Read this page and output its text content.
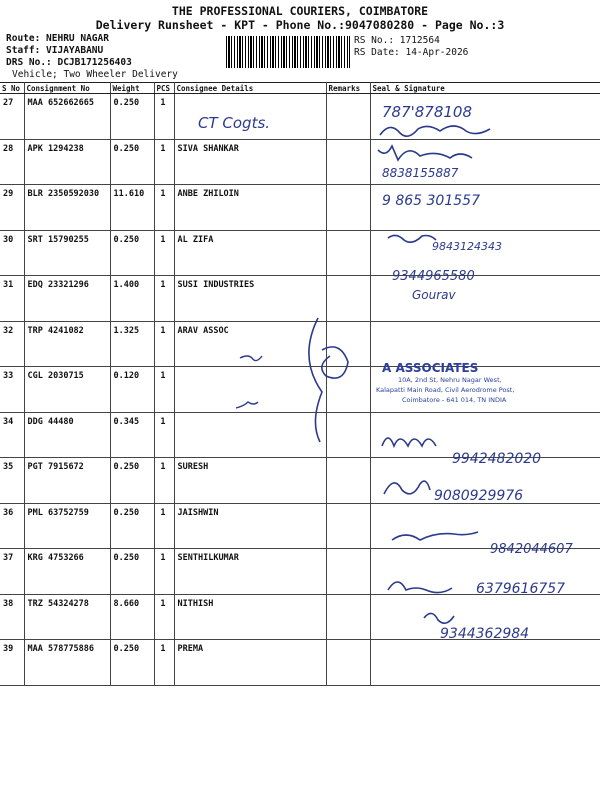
THE PROFESSIONAL COURIERS, COIMBATORE
Delivery Runsheet - KPT - Phone No.:9047080280 - Page No.:3
Route: NEHRU NAGAR
Staff: VIJAYABANU
DRS No.: DCJB171256403
Vehicle; Two Wheeler Delivery
RS No.: 1712564
RS Date: 14-Apr-2026
S No	Consignment No	Weight	PCS	Consignee Details	Remarks	Seal & Signature
27	MAA 652662665	0.250	1			
28	APK 1294238	0.250	1	SIVA SHANKAR		
29	BLR 2350592030	11.610	1	ANBE ZHILOIN		
30	SRT 15790255	0.250	1	AL ZIFA		
31	EDQ 23321296	1.400	1	SUSI INDUSTRIES		
32	TRP 4241082	1.325	1	ARAV ASSOC		
33	CGL 2030715	0.120	1			
34	DDG 44480	0.345	1			
35	PGT 7915672	0.250	1	SURESH		
36	PML 63752759	0.250	1	JAISHWIN		
37	KRG 4753266	0.250	1	SENTHILKUMAR		
38	TRZ 54324278	8.660	1	NITHISH		
39	MAA 578775886	0.250	1	PREMA		
CT Cogts.
787'878108
8838155887
9 865 301557
9843124343
9344965580
Gourav
A ASSOCIATES
10A, 2nd St, Nehru Nagar West,
Kalapatti Main Road, Civil Aerodrome Post,
Coimbatore - 641 014, TN INDIA
9942482020
9080929976
9842044607
6379616757
9344362984
